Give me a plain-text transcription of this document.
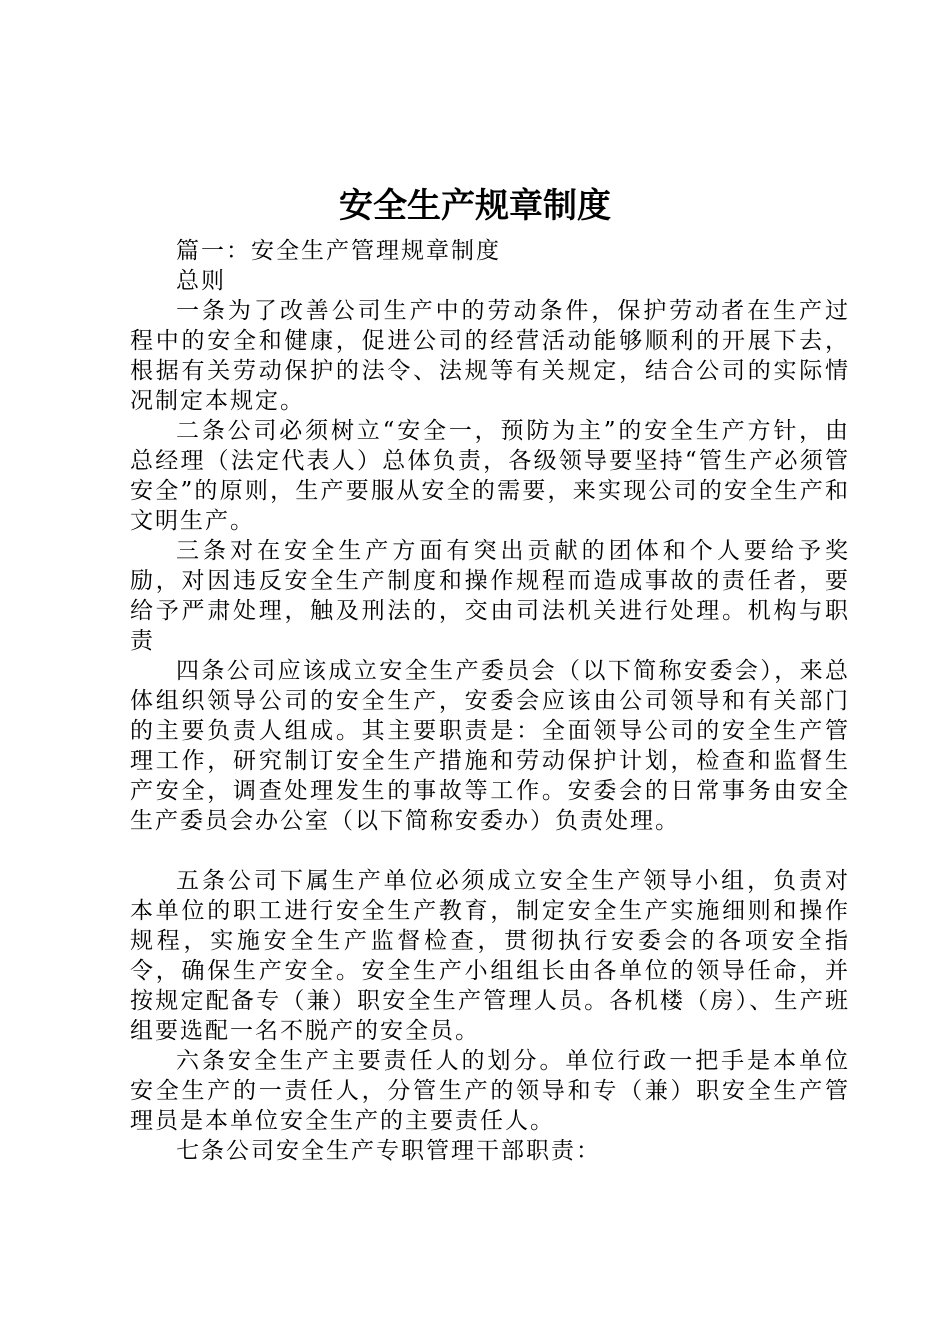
安全生产规章制度

篇一：安全生产管理规章制度

总则

一条为了改善公司生产中的劳动条件，保护劳动者在生产过程中的安全和健康，促进公司的经营活动能够顺利的开展下去，根据有关劳动保护的法令、法规等有关规定，结合公司的实际情况制定本规定。

二条公司必须树立“安全一，预防为主”的安全生产方针，由总经理（法定代表人）总体负责，各级领导要坚持“管生产必须管安全”的原则，生产要服从安全的需要，来实现公司的安全生产和文明生产。

三条对在安全生产方面有突出贡献的团体和个人要给予奖励，对因违反安全生产制度和操作规程而造成事故的责任者，要给予严肃处理，触及刑法的，交由司法机关进行处理。机构与职责

四条公司应该成立安全生产委员会（以下简称安委会），来总体组织领导公司的安全生产，安委会应该由公司领导和有关部门的主要负责人组成。其主要职责是：全面领导公司的安全生产管理工作，研究制订安全生产措施和劳动保护计划，检查和监督生产安全，调查处理发生的事故等工作。安委会的日常事务由安全生产委员会办公室（以下简称安委办）负责处理。

五条公司下属生产单位必须成立安全生产领导小组，负责对本单位的职工进行安全生产教育，制定安全生产实施细则和操作规程，实施安全生产监督检查，贯彻执行安委会的各项安全指令，确保生产安全。安全生产小组组长由各单位的领导任命，并按规定配备专（兼）职安全生产管理人员。各机楼（房）、生产班组要选配一名不脱产的安全员。

六条安全生产主要责任人的划分。单位行政一把手是本单位安全生产的一责任人，分管生产的领导和专（兼）职安全生产管理员是本单位安全生产的主要责任人。

七条公司安全生产专职管理干部职责：
